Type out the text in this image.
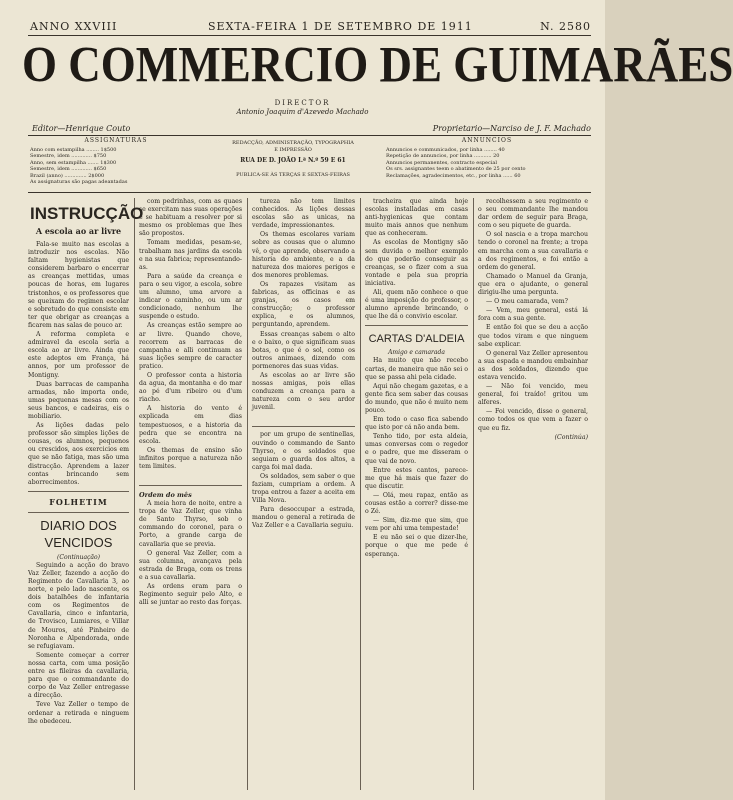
ANNO XXVIII	SEXTA-FEIRA 1 DE SETEMBRO DE 1911	N. 2580
O COMMERCIO DE GUIMARÃES
DIRECTOR
Antonio Joaquim d'Azevedo Machado
Editor—Henrique Couto	Proprietario—Narciso de J. F. Machado
ASSIGNATURAS
Anno com estampilha ........ 1$500
Semestre, idem ............. $750
Anno, sem estampilha ....... 1$300
Semestre, idem ............. $650
Brazil (anno) .............. 2$000
As assignaturas são pagas adeantadas
REDACÇÃO, ADMINISTRAÇÃO, TYPOGRAPHIA
E IMPRESSÃO
RUA DE D. JOÃO I.ª N.º 59 E 61
PUBLICA-SE ÀS TERÇAS E SEXTAS-FEIRAS
ANNUNCIOS
Annuncios e communicados, por linha ........ 40
Repetição de annuncios, por linha ........... 20
Annuncios permanentes, contracto especial
Os srs. assignantes teem o abatimento de 25 por cento
Reclamações, agradecimentos, etc., por linha ...... 60
INSTRUCÇÃO
A escola ao ar livre

Fala-se muito nas escolas a introduzir nos escolas. Não faltam hygienistas que considerem barbaro o encerrar as creanças mettidas, umas poucas de horas, em lugares tristonhos, e os professores que se queixam do regimen escolar e sobretudo do que consiste em ter que obrigar as creanças a ficarem nas salas de pouco ar.

A reforma completa e admiravel da escola seria a escola ao ar livre. Ainda que este adeptos em França, há annos, por um professor de Montigny.

Duas barracas de campanha armadas, não importa onde, umas pequenas mesas com os seus bancos, e cadeiras, eis o mobiliario.

As lições dadas pelo professor são simples lições de cousas, os alumnos, pequenos ou crescidos, aos exercicios em que se não fatiga, mas são uma distracção. Aprendem a lazer contas brincando sem aborrecimentos.

FOLHETIM
DIARIO DOS VENCIDOS
(Continuação)

Seguindo a acção do bravo Vaz Zeller, fazendo a acção do Regimento de Cavallaria 3, ao norte, e pelo lado nascente, os dois batalhões de infantaria com os Regimentos de Cavallaria, cinco e infantaria, de Trovisco, Lumiares, e Villar de Mouros, até Pinheiro de Noronha e Alpendorada, onde se refugiavam.

Somente começar a correr nossa carta, com uma posição entre as fileiras da cavallaria, para que o commandante do corpo de Vaz Zeller entregasse a direcção.

Teve Vaz Zeller o tempo de ordenar a retirada e ninguem lhe obedeceu.

com pedrinhas, com as quaes se exercitam nas suas operações e se habituam a resolver por si mesmo os problemas que lhes são propostos.

Tomam medidas, pesam-se, trabalham nas jardins da escola e na sua fabrica; representando-as.

Para a saúde da creança e para o seu vigor, a escola, sobre um alumno, uma arvore a indicar o caminho, ou um ar condicionado, nenhum lhe suspende o estudo.

As creanças estão sempre ao ar livre. Quando chove, recorrem as barracas de campanha e alli continuam as suas lições sempre de caracter pratico.

O professor conta a historia da agua, da montanha e do mar ao pé d'um ribeiro ou d'um riacho.

A historia do vento é explicada em dias tempestuosos, e a historia da pedra que se encontra na escola.

Os themas de ensino são infinitos porque a natureza não tem limites.

Ordem do mês

A meia hora de noite, entre a tropa de Vaz Zeller, que vinha de Santo Thyrso, sob o commando do coronel, para o Porto, a grande carga de cavallaria que se previa.

O general Vaz Zeller, com a sua columna, avançava pela estrada de Braga, com os trens e a sua cavallaria.

As ordens eram para o Regimento seguir pelo Alto, e alli se juntar ao resto das forças.

tureza não tem limites conhecidos. As lições dessas escolas são as unicas, na verdade, impressionantes.

Os themas escolares variam sobre as cousas que o alumno vê, o que aprende, observando a historia do ambiente, e a da natureza dos maiores perigos e dos menores problemas.

Os rapazes visitam as fabricas, as officinas e as granjas, os casos em construcção; o professor explica, e os alumnos, perguntando, aprendem.

Essas creanças sabem o alto e o baixo, o que significam suas botas, o que é o sol, como os outros animaes, dizendo com pormenores das suas vidas.

As escolas ao ar livre são nossas amigas, pois ellas conduzem a creança para a natureza com o seu ardor juvenil.

por um grupo de sentinellas, ouvindo o commando de Santo Thyrso, e os soldados que seguiam o guarda dos altos, a carga foi mal dada.

Os soldados, sem saber o que faziam, cumpriam a ordem. A tropa entrou a fazer a aceita em Villa Nova.

Para desoccupar a estrada, mandou o general a retirada de Vaz Zeller e a Cavallaria seguiu.

tracheira que ainda hoje escolas installadas em casas anti-hygienicas que contam muito mais annos que nenhum que as conheceram.

As escolas de Montigny são sem duvida o melhor exemplo do que poderão conseguir as creanças, se o fizer com a sua vontade e pela sua propria iniciativa.

Ali, quem não conhece o que é uma imposição do professor, o alumno aprende brincando, o que lhe dá o convivio escolar.

CARTAS D'ALDEIA
Amigo e camarada

Ha muito que não recebo cartas, de maneira que não sei o que se passa ahi pela cidade.

Aqui não chegam gazetas, e a gente fica sem saber das cousas do mundo, que não é muito nem pouco.

Em todo o caso fica sabendo que isto por cá não anda bem.

Tenho tido, por esta aldeia, umas conversas com o regedor e o padre, que me disseram o que vai de novo.

Entre estes cantos, parece-me que há mais que fazer do que discutir.

— Olá, meu rapaz, então as cousas estão a correr? disse-me o Zé.

— Sim, diz-me que sim, que vem por ahi uma tempestade!

E eu não sei o que dizer-lhe, porque o que me pede é esperança.

recolhessem a seu regimento e o seu commandante lhe mandou dar ordem de seguir para Braga, com o seu piquete de guarda.

O sol nascia e a tropa marchou tendo o coronel na frente; a tropa em marcha com a sua cavallaria e a dos regimentos, e foi então a ordem do general.

Chamado o Manuel da Granja, que era o ajudante, o general dirigiu-lhe uma pergunta.

— O meu camarada, vem?

— Vem, meu general, está lá fora com a sua gente.

E então foi que se deu a acção que todos viram e que ninguem sabe explicar.

O general Vaz Zeller apresentou a sua espada e mandou embainhar as dos soldados, dizendo que estava vencido.

— Não foi vencido, meu general, foi traído! gritou um alferes.

— Foi vencido, disse o general, como todos os que vem a fazer o que eu fiz.

(Continúa)
